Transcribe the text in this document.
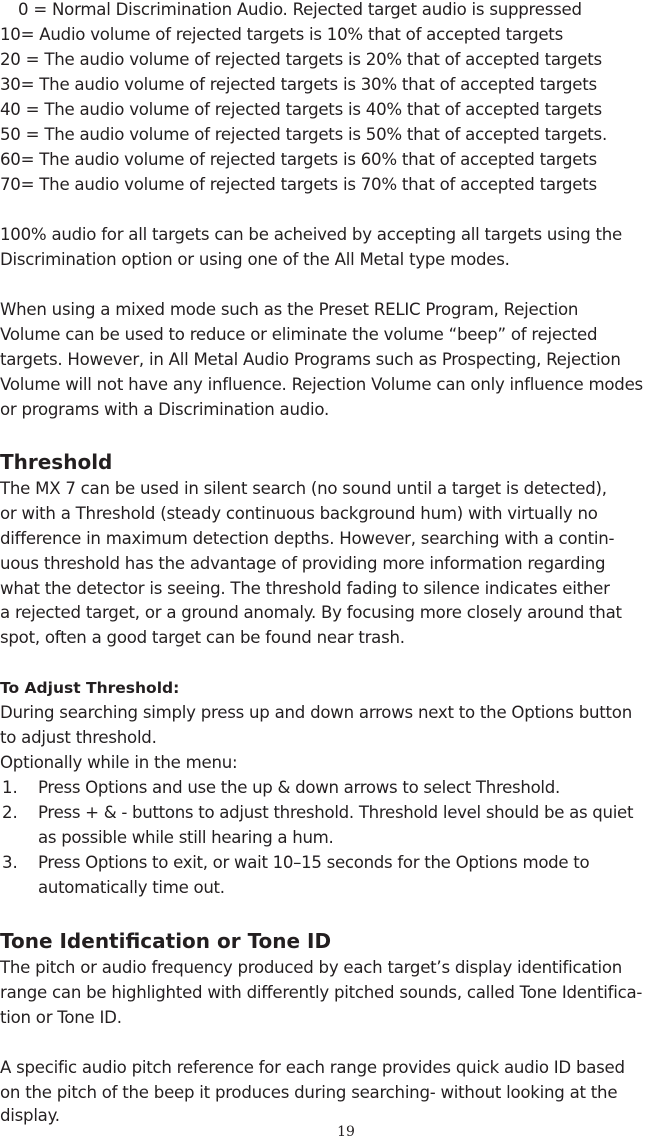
0 = Normal Discrimination Audio. Rejected target audio is suppressed
10= Audio volume of rejected targets is 10% that of accepted targets
20 = The audio volume of rejected targets is 20% that of accepted targets
30= The audio volume of rejected targets is 30% that of accepted targets
40 = The audio volume of rejected targets is 40% that of accepted targets
50 = The audio volume of rejected targets is 50% that of accepted targets.
60= The audio volume of rejected targets is 60% that of accepted targets
70= The audio volume of rejected targets is 70% that of accepted targets
100% audio for all targets can be acheived by accepting all targets using the
Discrimination option or using one of the All Metal type modes.
When using a mixed mode such as the Preset RELIC Program, Rejection
Volume can be used to reduce or eliminate the volume “beep” of rejected
targets. However, in All Metal Audio Programs such as Prospecting, Rejection
Volume will not have any influence. Rejection Volume can only influence modes
or programs with a Discrimination audio.
Threshold
The MX 7 can be used in silent search (no sound until a target is detected),
or with a Threshold (steady continuous background hum) with virtually no
difference in maximum detection depths. However, searching with a contin-
uous threshold has the advantage of providing more information regarding
what the detector is seeing. The threshold fading to silence indicates either
a rejected target, or a ground anomaly. By focusing more closely around that
spot, often a good target can be found near trash.
To Adjust Threshold:
During searching simply press up and down arrows next to the Options button
to adjust threshold.
Optionally while in the menu:
1. Press Options and use the up & down arrows to select Threshold.
2. Press + & - buttons to adjust threshold. Threshold level should be as quiet
as possible while still hearing a hum.
3. Press Options to exit, or wait 10–15 seconds for the Options mode to
automatically time out.
Tone Identification or Tone ID
The pitch or audio frequency produced by each target’s display identification
range can be highlighted with differently pitched sounds, called Tone Identifica-
tion or Tone ID.
A specific audio pitch reference for each range provides quick audio ID based
on the pitch of the beep it produces during searching- without looking at the
display.
19
